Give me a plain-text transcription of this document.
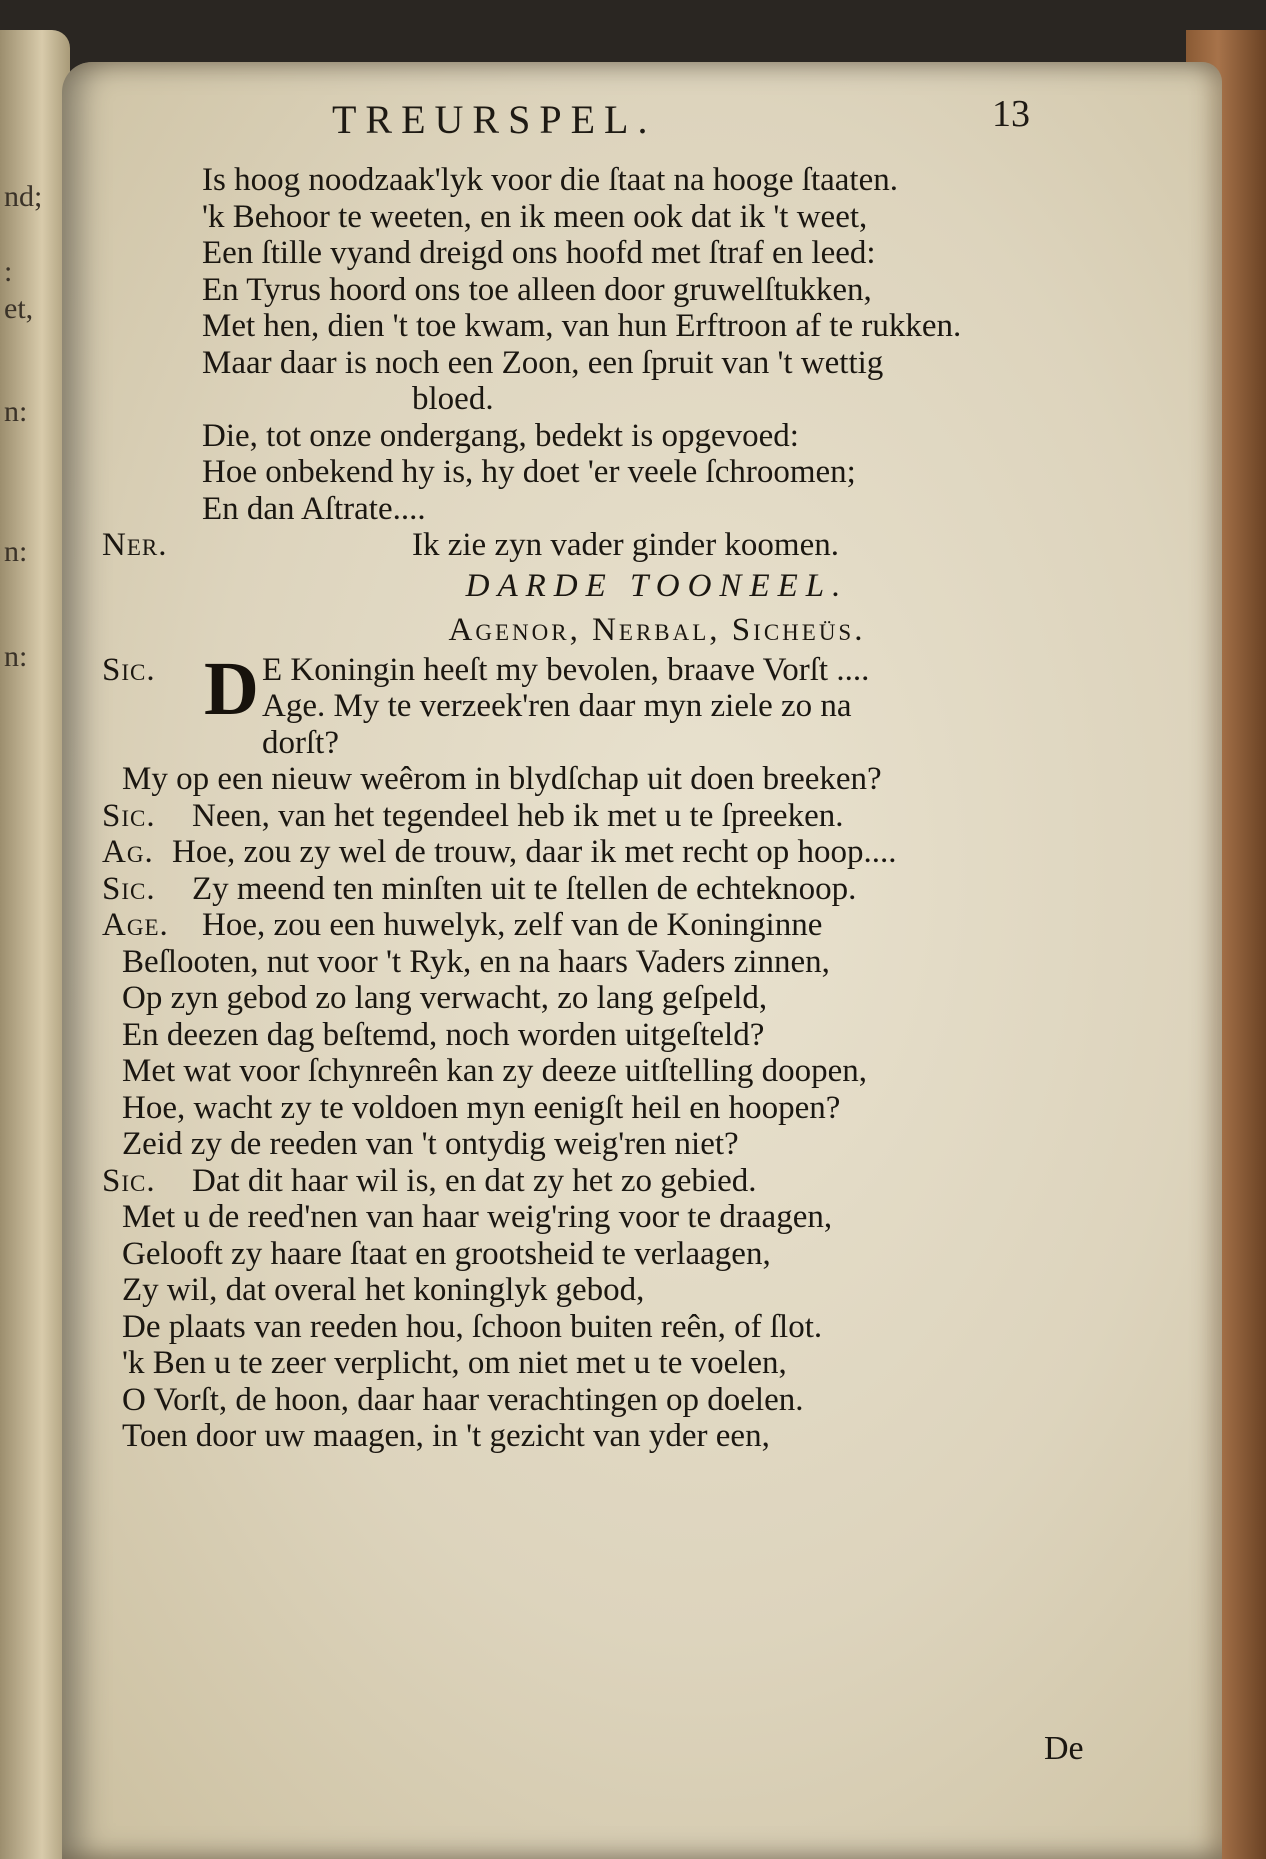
nd;
:
et,
n:
n:
n:
TREURSPEL.	13
Is hoog noodzaak'lyk voor die ſtaat na hooge ſtaaten.
'k Behoor te weeten, en ik meen ook dat ik 't weet,
Een ſtille vyand dreigd ons hoofd met ſtraf en leed:
En Tyrus hoord ons toe alleen door gruwelſtukken,
Met hen, dien 't toe kwam, van hun Erftroon af te rukken.
Maar daar is noch een Zoon, een ſpruit van 't wettig
bloed.
Die, tot onze ondergang, bedekt is opgevoed:
Hoe onbekend hy is, hy doet 'er veele ſchroomen;
En dan Aſtrate....
Ner.	Ik zie zyn vader ginder koomen.
DARDE TOONEEL.
Agenor, Nerbal, Sicheüs.
D
Sic.	E Koningin heeſt my bevolen, braave Vorſt ....
Age. My te verzeek'ren daar myn ziele zo na
dorſt?
My op een nieuw weêrom in blydſchap uit doen breeken?
Sic. Neen, van het tegendeel heb ik met u te ſpreeken.
Ag. Hoe, zou zy wel de trouw, daar ik met recht op hoop....
Sic. Zy meend ten minſten uit te ſtellen de echteknoop.
Age. Hoe, zou een huwelyk, zelf van de Koninginne
Beſlooten, nut voor 't Ryk, en na haars Vaders zinnen,
Op zyn gebod zo lang verwacht, zo lang geſpeld,
En deezen dag beſtemd, noch worden uitgeſteld?
Met wat voor ſchynreên kan zy deeze uitſtelling doopen,
Hoe, wacht zy te voldoen myn eenigſt heil en hoopen?
Zeid zy de reeden van 't ontydig weig'ren niet?
Sic. Dat dit haar wil is, en dat zy het zo gebied.
Met u de reed'nen van haar weig'ring voor te draagen,
Gelooft zy haare ſtaat en grootsheid te verlaagen,
Zy wil, dat overal het koninglyk gebod,
De plaats van reeden hou, ſchoon buiten reên, of ſlot.
'k Ben u te zeer verplicht, om niet met u te voelen,
O Vorſt, de hoon, daar haar verachtingen op doelen.
Toen door uw maagen, in 't gezicht van yder een,
De
